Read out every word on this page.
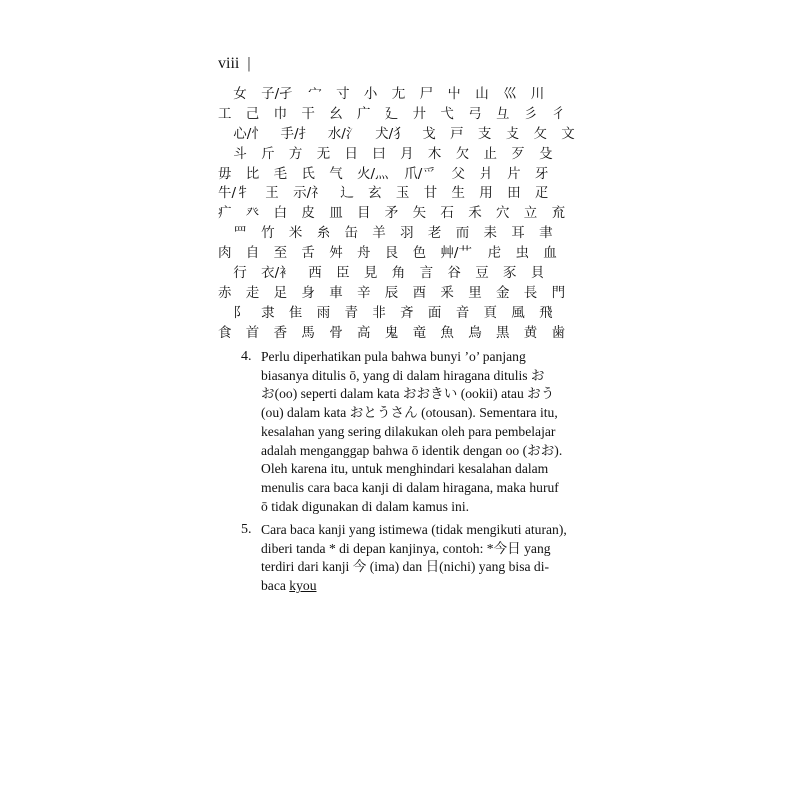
viii |
女 子/孑 宀 寸 小 尢 尸 屮 山 巛 川
工 己 巾 干 幺 广 廴 廾 弋 弓 彑 彡 彳
心/忄 手/扌 水/氵 犬/犭 戈 戸 支 攴 攵 文
斗 斤 方 无 日 曰 月 木 欠 止 歹 殳
毋 比 毛 氏 气 火/灬 爪/爫 父 爿 片 牙
牛/牜 王 示/礻 辶 玄 玉 甘 生 用 田 疋
疒 癶 白 皮 皿 目 矛 矢 石 禾 穴 立 㐬
罒 竹 米 糸 缶 羊 羽 老 而 耒 耳 聿
肉 自 至 舌 舛 舟 艮 色 艸/艹 虍 虫 血
行 衣/衤 西 臣 見 角 言 谷 豆 豕 貝
赤 走 足 身 車 辛 辰 酉 釆 里 金 長 門
阝 隶 隹 雨 青 非 斉 面 音 頁 風 飛
食 首 香 馬 骨 高 鬼 竜 魚 鳥 黒 黄 歯
4. Perlu diperhatikan pula bahwa bunyi ’o’ panjang
biasanya ditulis ō, yang di dalam hiragana ditulis お
お(oo) seperti dalam kata おおきい (ookii) atau おう
(ou) dalam kata おとうさん (otousan). Sementara itu,
kesalahan yang sering dilakukan oleh para pembelajar
adalah menganggap bahwa ō identik dengan oo (おお).
Oleh karena itu, untuk menghindari kesalahan dalam
menulis cara baca kanji di dalam hiragana, maka huruf
ō tidak digunakan di dalam kamus ini.
5. Cara baca kanji yang istimewa (tidak mengikuti aturan),
diberi tanda * di depan kanjinya, contoh: *今日 yang
terdiri dari kanji 今 (ima) dan 日(nichi) yang bisa di-
baca kyou
